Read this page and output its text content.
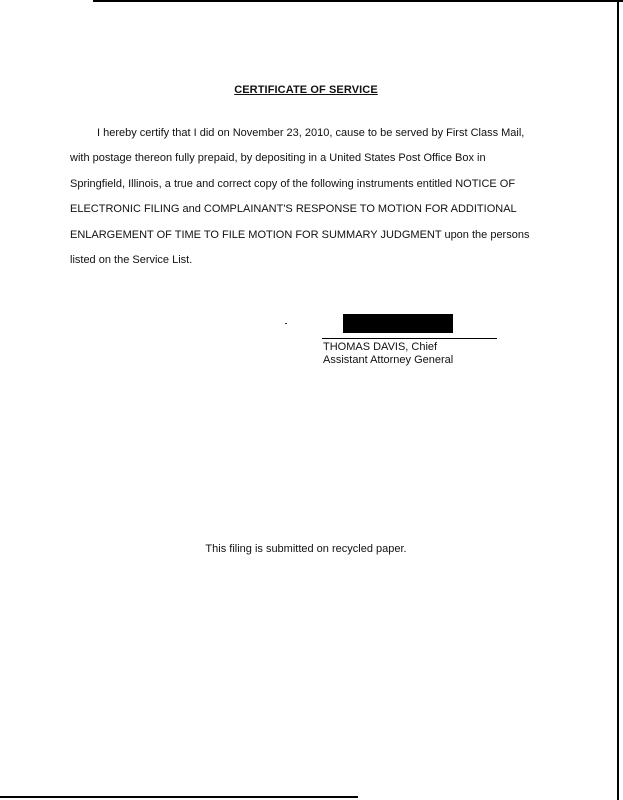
CERTIFICATE OF SERVICE
I hereby certify that I did on November 23, 2010, cause to be served by First Class Mail,
with postage thereon fully prepaid, by depositing in a United States Post Office Box in
Springfield, Illinois, a true and correct copy of the following instruments entitled NOTICE OF
ELECTRONIC FILING and COMPLAINANT'S RESPONSE TO MOTION FOR ADDITIONAL
ENLARGEMENT OF TIME TO FILE MOTION FOR SUMMARY JUDGMENT upon the persons
listed on the Service List.
THOMAS DAVIS, Chief
Assistant Attorney General
This filing is submitted on recycled paper.
